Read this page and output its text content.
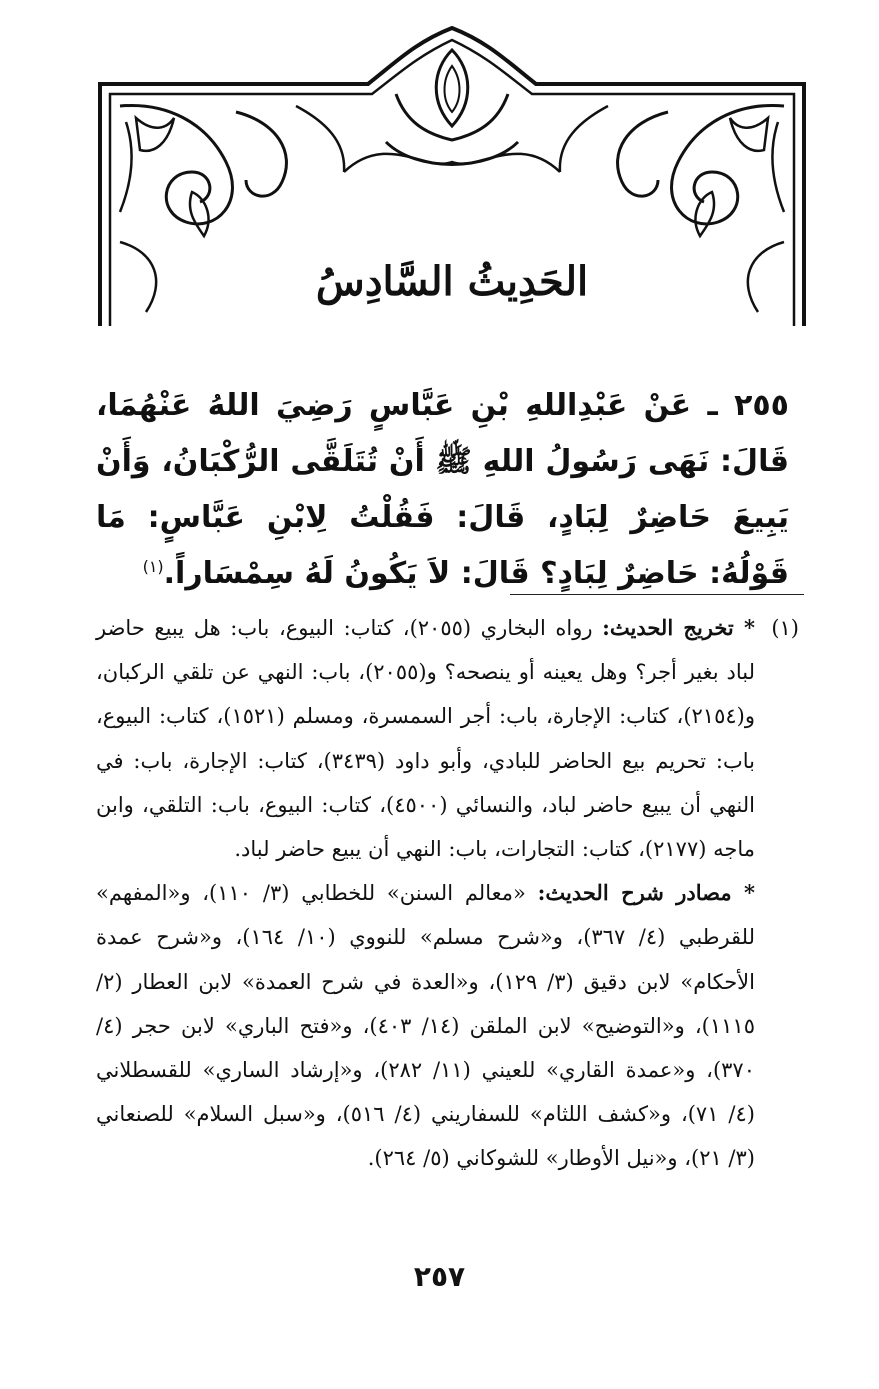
الحَدِيثُ السَّادِسُ
٢٥٥ ـ عَنْ عَبْدِاللهِ بْنِ عَبَّاسٍ رَضِيَ اللهُ عَنْهُمَا، قَالَ: نَهَى رَسُولُ اللهِ ﷺ أَنْ تُتَلَقَّى الرُّكْبَانُ، وَأَنْ يَبِيعَ حَاضِرٌ لِبَادٍ، قَالَ: فَقُلْتُ لِابْنِ عَبَّاسٍ: مَا قَوْلُهُ: حَاضِرٌ لِبَادٍ؟ قَالَ: لاَ يَكُونُ لَهُ سِمْسَاراً.$^{(١)}$
(١)

* تخريج الحديث: رواه البخاري (٢٠٥٥)، كتاب: البيوع، باب: هل يبيع حاضر لباد بغير أجر؟ وهل يعينه أو ينصحه؟ و(٢٠٥٥)، باب: النهي عن تلقي الركبان، و(٢١٥٤)، كتاب: الإجارة، باب: أجر السمسرة، ومسلم (١٥٢١)، كتاب: البيوع، باب: تحريم بيع الحاضر للبادي، وأبو داود (٣٤٣٩)، كتاب: الإجارة، باب: في النهي أن يبيع حاضر لباد، والنسائي (٤٥٠٠)، كتاب: البيوع، باب: التلقي، وابن ماجه (٢١٧٧)، كتاب: التجارات، باب: النهي أن يبيع حاضر لباد.

* مصادر شرح الحديث: «معالم السنن» للخطابي (٣/ ١١٠)، و«المفهم» للقرطبي (٤/ ٣٦٧)، و«شرح مسلم» للنووي (١٠/ ١٦٤)، و«شرح عمدة الأحكام» لابن دقيق (٣/ ١٢٩)، و«العدة في شرح العمدة» لابن العطار (٢/ ١١١٥)، و«التوضيح» لابن الملقن (١٤/ ٤٠٣)، و«فتح الباري» لابن حجر (٤/ ٣٧٠)، و«عمدة القاري» للعيني (١١/ ٢٨٢)، و«إرشاد الساري» للقسطلاني (٤/ ٧١)، و«كشف اللثام» للسفاريني (٤/ ٥١٦)، و«سبل السلام» للصنعاني (٣/ ٢١)، و«نيل الأوطار» للشوكاني (٥/ ٢٦٤).

٢٥٧
